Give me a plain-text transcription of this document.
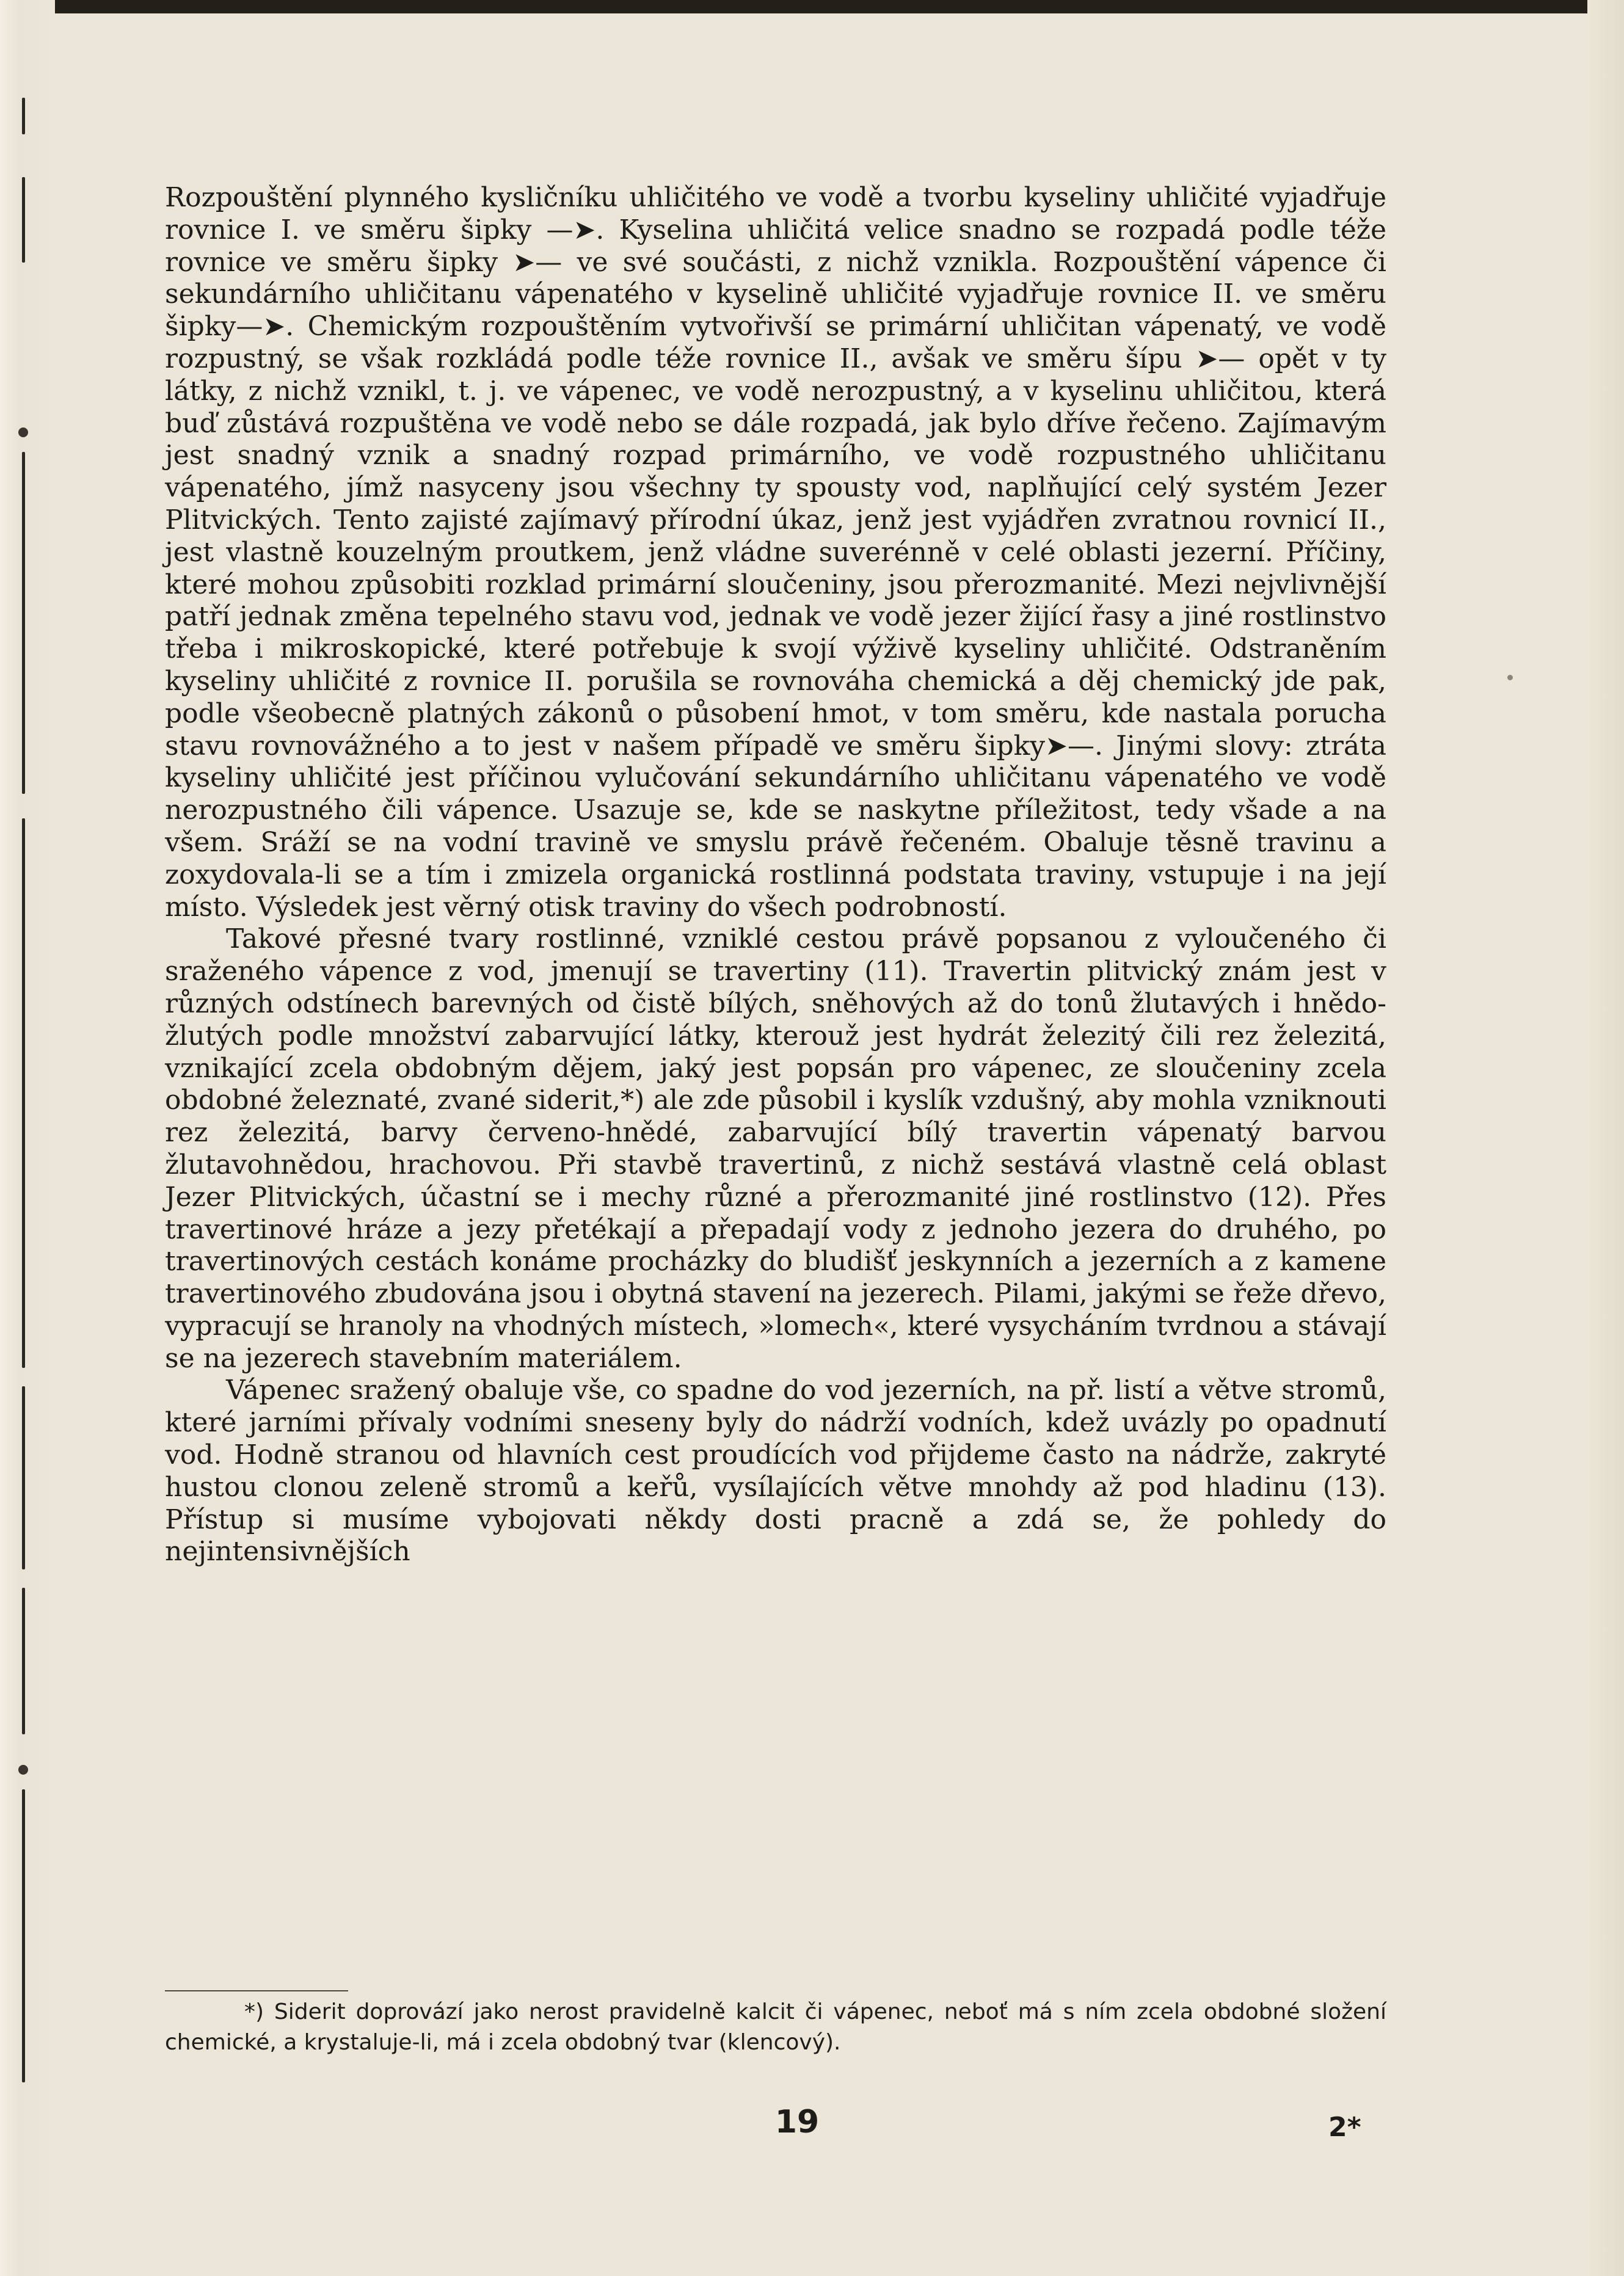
Rozpouštění plynného kysličníku uhličitého ve vodě a tvorbu kyseliny uhličité vyjadřuje rovnice I. ve směru šipky —➤. Kyselina uhličitá velice snadno se rozpadá podle téže rovnice ve směru šipky ➤— ve své součásti, z nichž vznikla. Rozpouštění vápence či sekundárního uhličitanu vápenatého v kyselině uhličité vyjadřuje rovnice II. ve směru šipky—➤. Chemickým rozpouštěním vytvořivší se primární uhličitan vápenatý, ve vodě rozpustný, se však rozkládá podle téže rovnice II., avšak ve směru šípu ➤— opět v ty látky, z nichž vznikl, t. j. ve vápenec, ve vodě nerozpustný, a v kyselinu uhličitou, která buď zůstává rozpuštěna ve vodě nebo se dále rozpadá, jak bylo dříve řečeno. Zajímavým jest snadný vznik a snadný rozpad primárního, ve vodě rozpustného uhličitanu vápenatého, jímž nasyceny jsou všechny ty spousty vod, naplňující celý systém Jezer Plitvických. Tento zajisté zajímavý přírodní úkaz, jenž jest vyjádřen zvratnou rovnicí II., jest vlastně kouzelným proutkem, jenž vládne suverénně v celé oblasti jezerní. Příčiny, které mohou způsobiti rozklad primární sloučeniny, jsou přerozmanité. Mezi nejvlivnější patří jednak změna tepelného stavu vod, jednak ve vodě jezer žijící řasy a jiné rostlinstvo třeba i mikroskopické, které potřebuje k svojí výživě kyseliny uhličité. Odstraněním kyseliny uhličité z rovnice II. porušila se rovnováha chemická a děj chemický jde pak, podle všeobecně platných zákonů o působení hmot, v tom směru, kde nastala porucha stavu rovnovážného a to jest v našem případě ve směru šipky➤—. Jinými slovy: ztráta kyseliny uhličité jest příčinou vylučování sekundárního uhličitanu vápenatého ve vodě nerozpustného čili vápence. Usazuje se, kde se naskytne příležitost, tedy všade a na všem. Sráží se na vodní travině ve smyslu právě řečeném. Obaluje těsně travinu a zoxydovala-li se a tím i zmizela organická rostlinná podstata traviny, vstupuje i na její místo. Výsledek jest věrný otisk traviny do všech podrobností.

Takové přesné tvary rostlinné, vzniklé cestou právě popsanou z vyloučeného či sraženého vápence z vod, jmenují se travertiny (11). Travertin plitvický znám jest v různých odstínech barevných od čistě bílých, sněhových až do tonů žlutavých i hnědo-žlutých podle množství zabarvující látky, kterouž jest hydrát železitý čili rez železitá, vznikající zcela obdobným dějem, jaký jest popsán pro vápenec, ze sloučeniny zcela obdobné železnaté, zvané siderit,*) ale zde působil i kyslík vzdušný, aby mohla vzniknouti rez železitá, barvy červeno-hnědé, zabarvující bílý travertin vápenatý barvou žlutavohnědou, hrachovou. Při stavbě travertinů, z nichž sestává vlastně celá oblast Jezer Plitvických, účastní se i mechy různé a přerozmanité jiné rostlinstvo (12). Přes travertinové hráze a jezy přetékají a přepadají vody z jednoho jezera do druhého, po travertinových cestách konáme procházky do bludišť jeskynních a jezerních a z kamene travertinového zbudována jsou i obytná stavení na jezerech. Pilami, jakými se řeže dřevo, vypracují se hranoly na vhodných místech, »lomech«, které vysycháním tvrdnou a stávají se na jezerech stavebním materiálem.

Vápenec sražený obaluje vše, co spadne do vod jezerních, na př. listí a větve stromů, které jarními přívaly vodními sneseny byly do nádrží vodních, kdež uvázly po opadnutí vod. Hodně stranou od hlavních cest proudících vod přijdeme často na nádrže, zakryté hustou clonou zeleně stromů a keřů, vysílajících větve mnohdy až pod hladinu (13). Přístup si musíme vybojovati někdy dosti pracně a zdá se, že pohledy do nejintensivnějších

*) Siderit doprovází jako nerost pravidelně kalcit či vápenec, neboť má s ním zcela obdobné složení chemické, a krystaluje-li, má i zcela obdobný tvar (klencový).

19	2*
